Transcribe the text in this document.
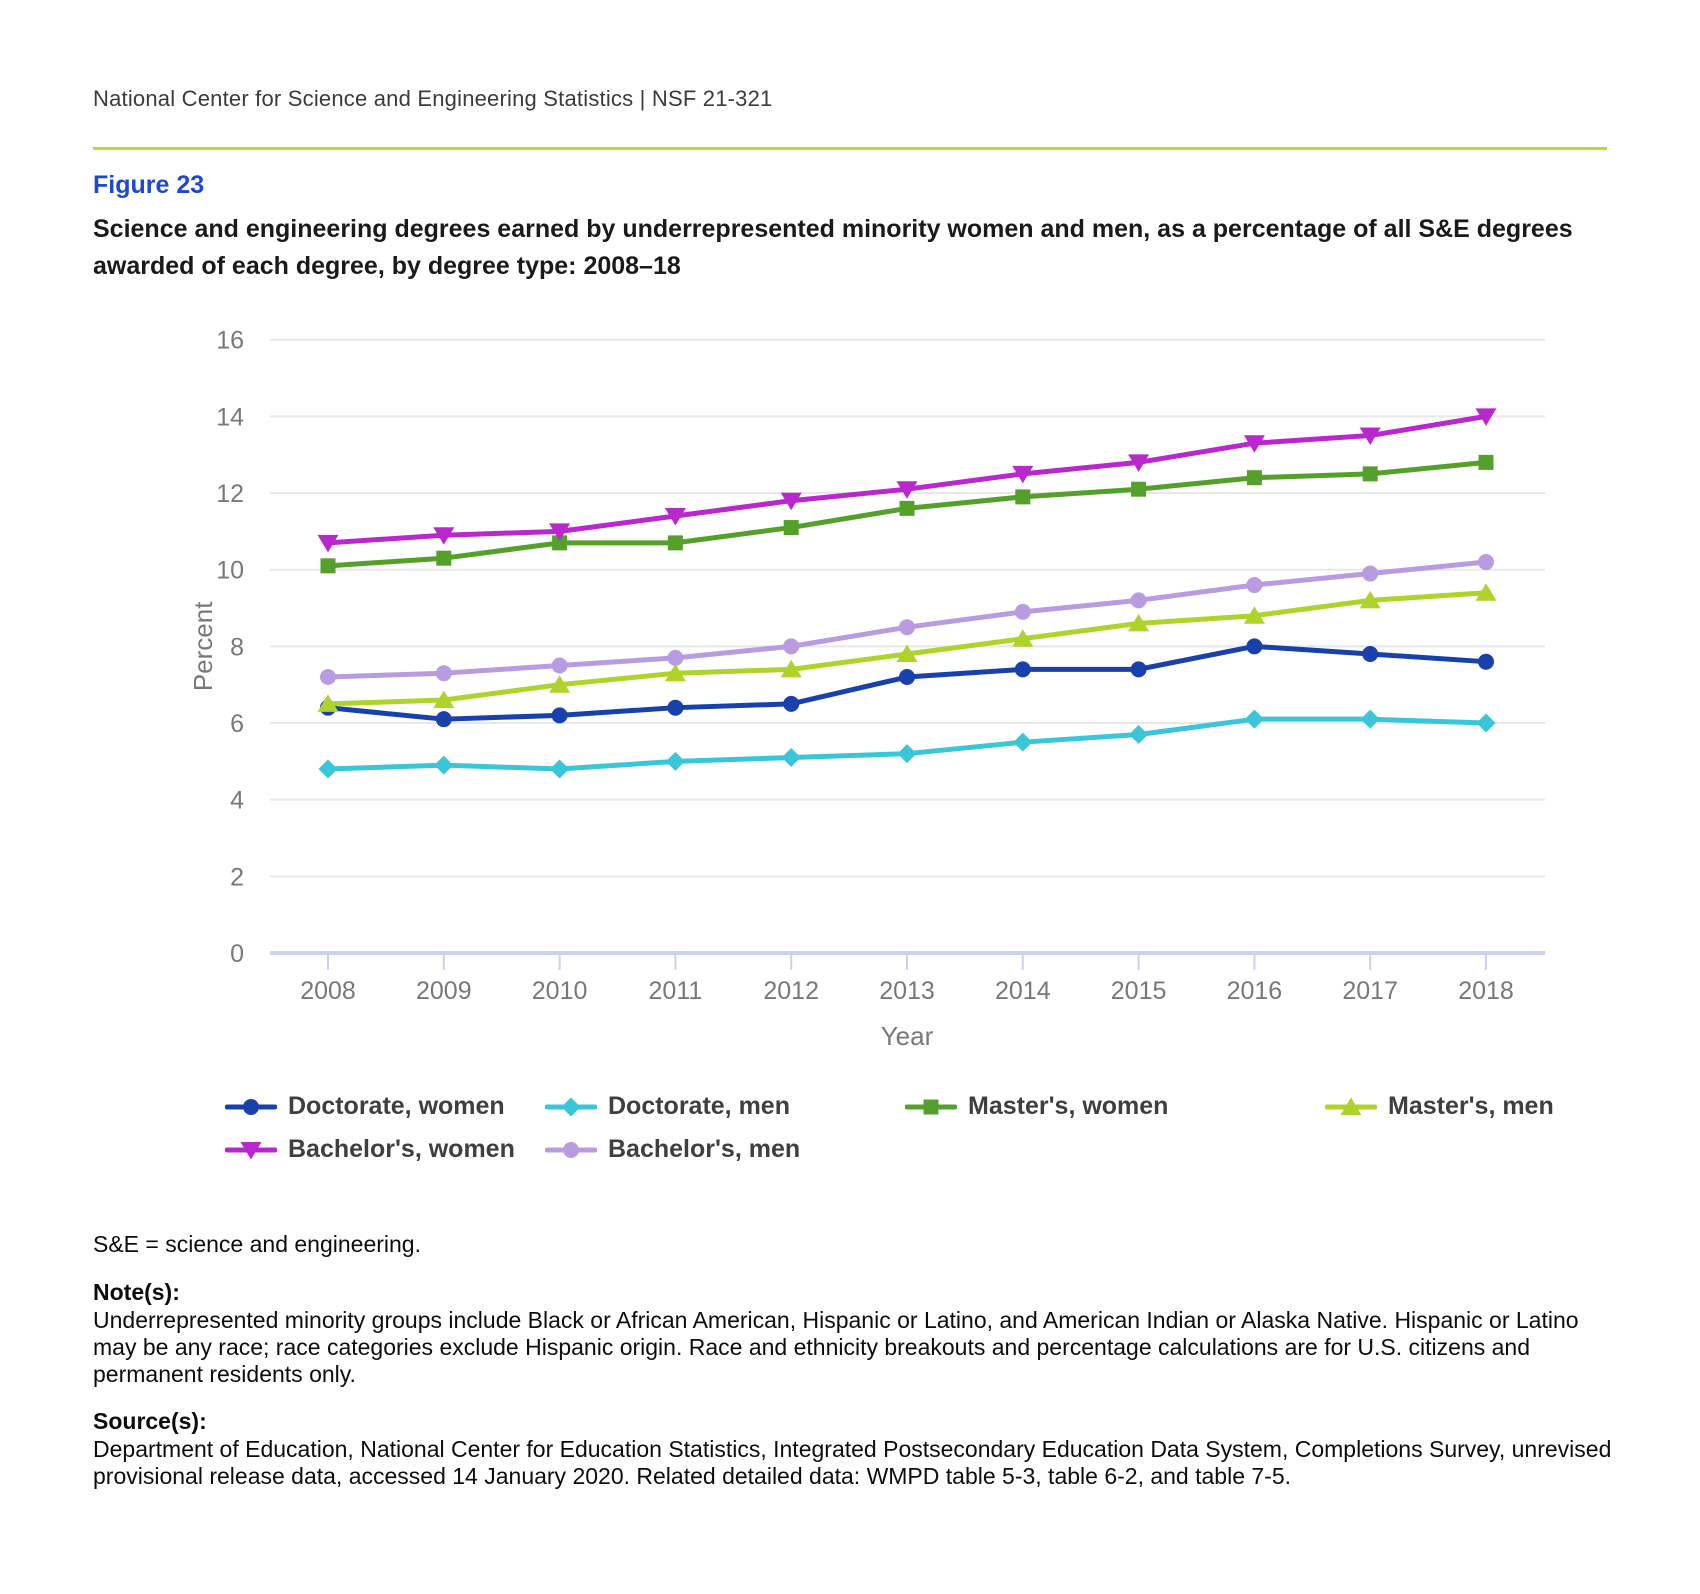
National Center for Science and Engineering Statistics | NSF 21-321
Figure 23
Science and engineering degrees earned by underrepresented minority women and men, as a percentage of all S&E degrees awarded of each degree, by degree type: 2008–18
0
2
4
6
8
10
12
14
16
2008 2009 2010 2011 2012 2013 2014 2015 2016 2017 2018
Percent
Year
Doctorate, women	Doctorate, men	Master's, women	Master's, men
Bachelor's, women	Bachelor's, men
S&E = science and engineering.
Note(s):
Underrepresented minority groups include Black or African American, Hispanic or Latino, and American Indian or Alaska Native. Hispanic or Latino may be any race; race categories exclude Hispanic origin. Race and ethnicity breakouts and percentage calculations are for U.S. citizens and permanent residents only.
Source(s):
Department of Education, National Center for Education Statistics, Integrated Postsecondary Education Data System, Completions Survey, unrevised provisional release data, accessed 14 January 2020. Related detailed data: WMPD table 5-3, table 6-2, and table 7-5.
